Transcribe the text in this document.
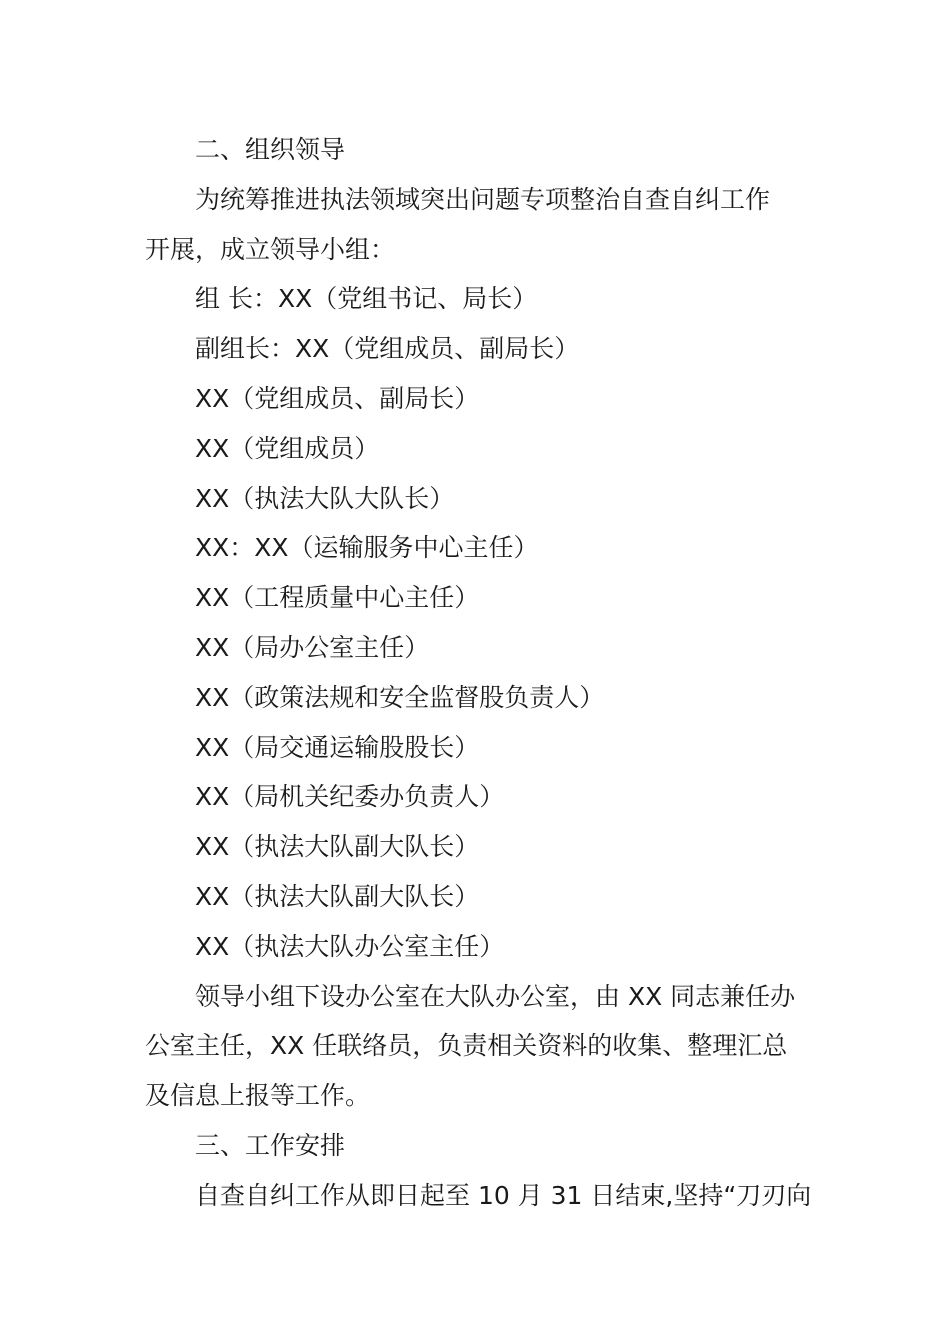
二、组织领导

为统筹推进执法领域突出问题专项整治自查自纠工作

开展，成立领导小组：

组 长：XX（党组书记、局长）

副组长：XX（党组成员、副局长）

XX（党组成员、副局长）

XX（党组成员）

XX（执法大队大队长）

XX：XX（运输服务中心主任）

XX（工程质量中心主任）

XX（局办公室主任）

XX（政策法规和安全监督股负责人）

XX（局交通运输股股长）

XX（局机关纪委办负责人）

XX（执法大队副大队长）

XX（执法大队副大队长）

XX（执法大队办公室主任）

领导小组下设办公室在大队办公室，由 XX 同志兼任办

公室主任，XX 任联络员，负责相关资料的收集、整理汇总

及信息上报等工作。

三、工作安排

自查自纠工作从即日起至 10 月 31 日结束,坚持“刀刃向
